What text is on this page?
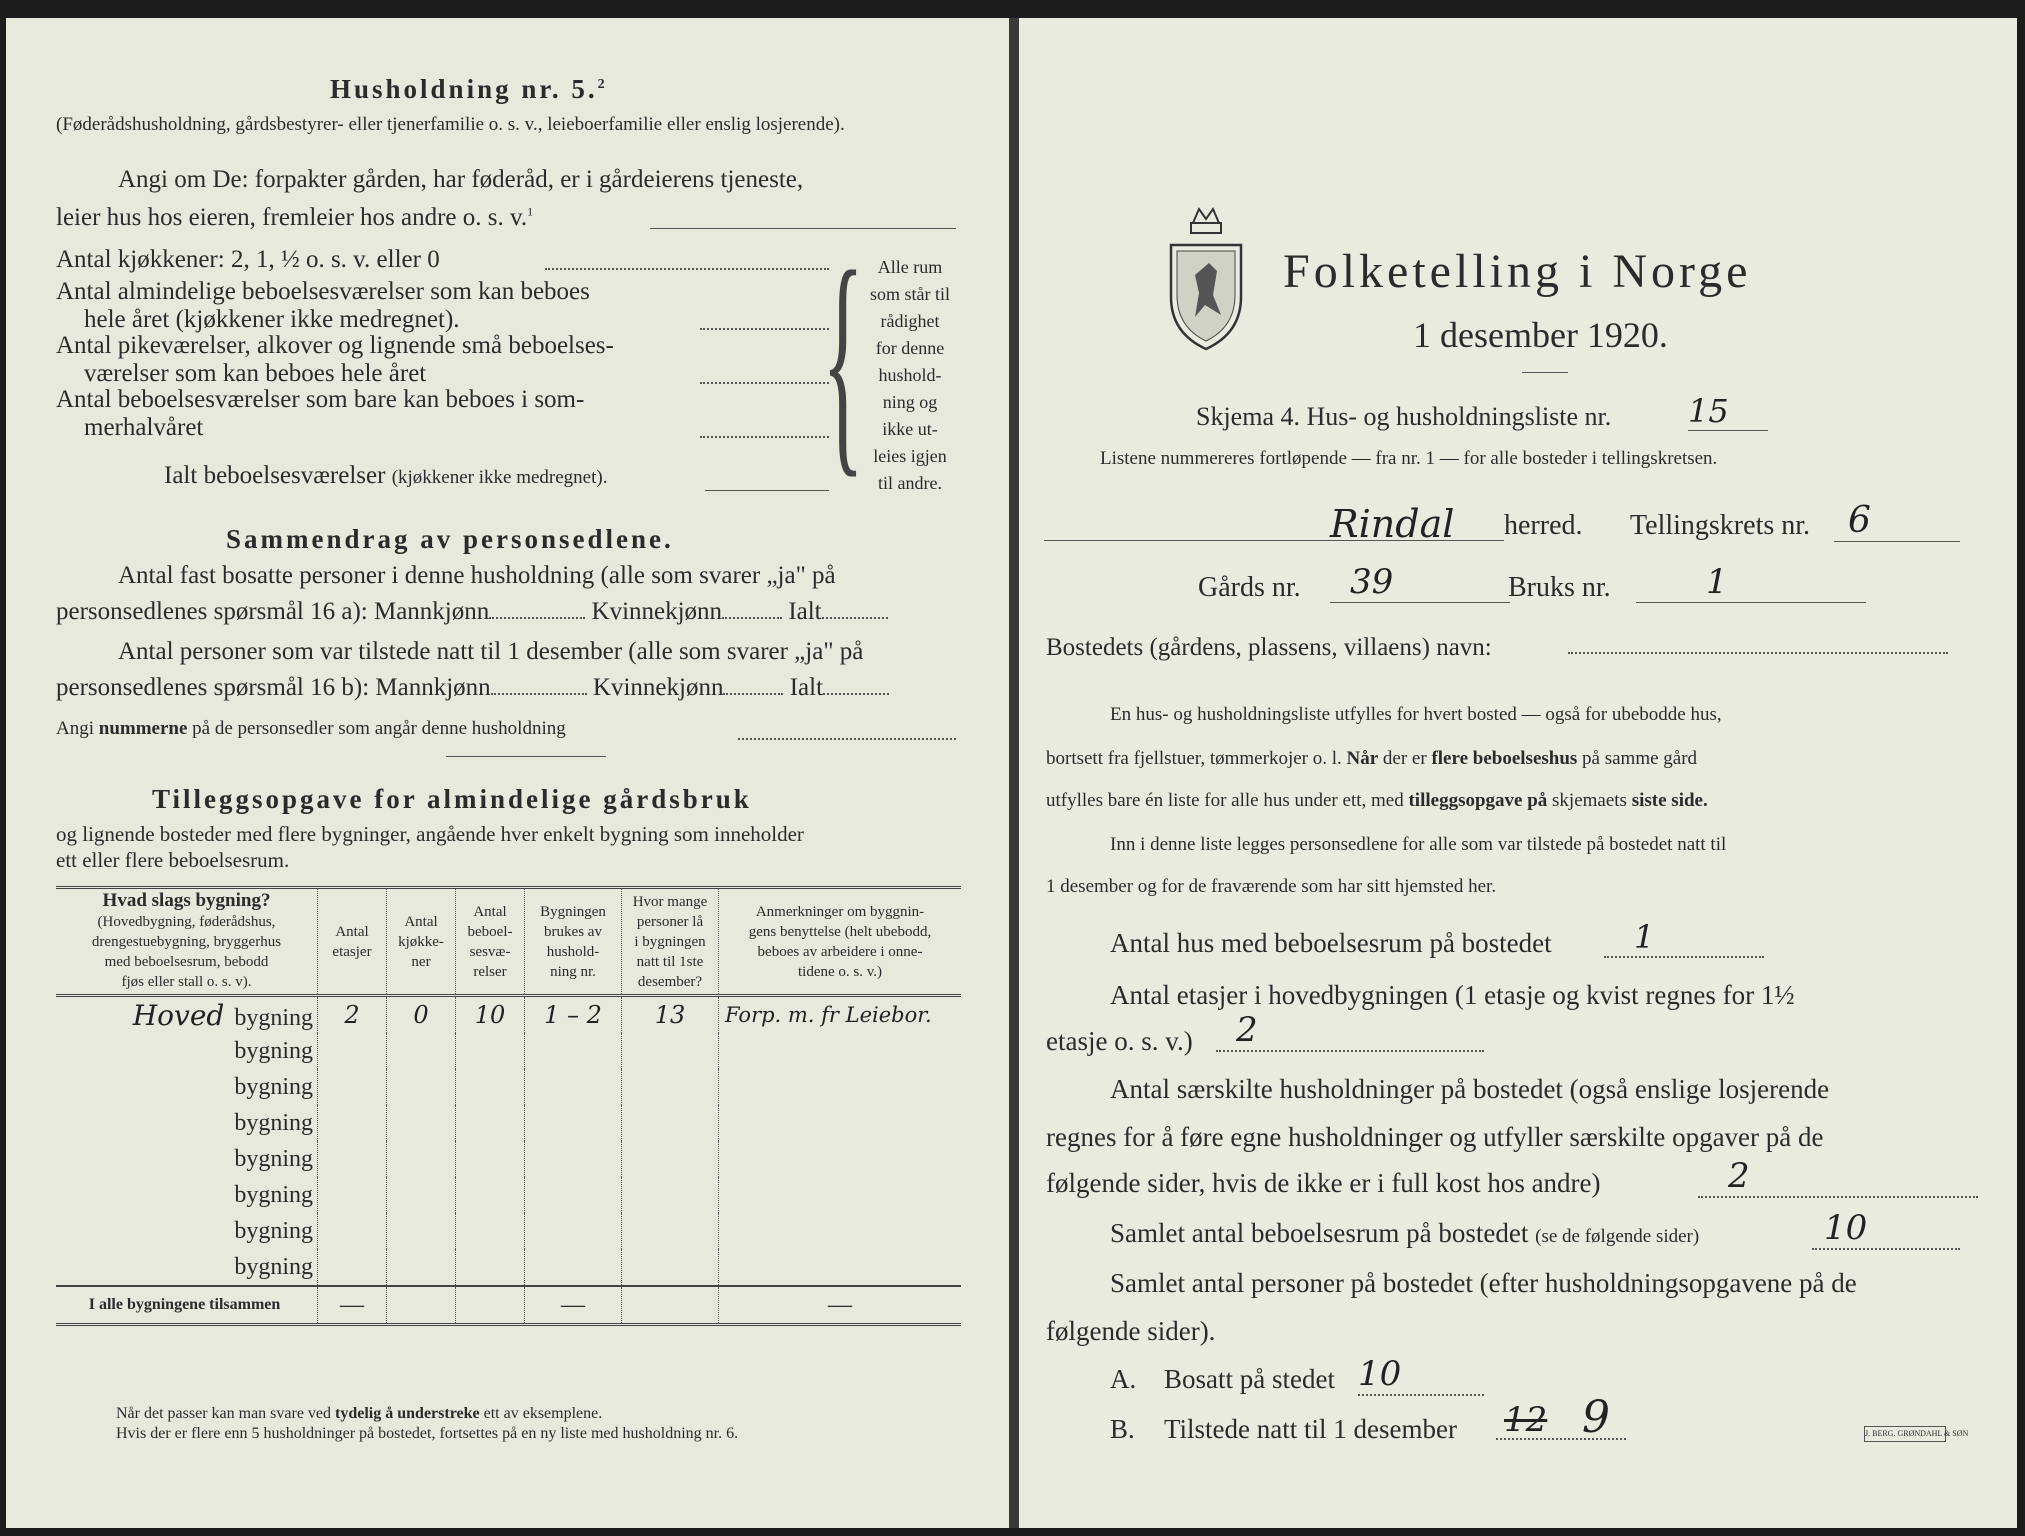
Husholdning nr. 5.$^2$
(Føderådshusholdning, gårdsbestyrer- eller tjenerfamilie o. s. v., leieboerfamilie eller enslig losjerende).
Angi om De: forpakter gården, har føderåd, er i gårdeierens tjeneste,
leier hus hos eieren, fremleier hos andre o. s. v.$^1$
Antal kjøkkener: 2, 1, ½ o. s. v. eller 0
Antal almindelige beboelsesværelser som kan beboes
hele året (kjøkkener ikke medregnet).
Antal pikeværelser, alkover og lignende små beboelses-
værelser som kan beboes hele året
Antal beboelsesværelser som bare kan beboes i som-
merhalvåret
Ialt beboelsesværelser (kjøkkener ikke medregnet). { Alle rum
som står til
rådighet
for denne
hushold-
ning og
ikke ut-
leies igjen
til andre.
Sammendrag av personsedlene.
Antal fast bosatte personer i denne husholdning (alle som svarer „ja" på
personsedlenes spørsmål 16 a): Mannkjønn	Kvinnekjønn	Ialt
Antal personer som var tilstede natt til 1 desember (alle som svarer „ja" på
personsedlenes spørsmål 16 b): Mannkjønn	Kvinnekjønn	Ialt
Angi nummerne på de personsedler som angår denne husholdning
Tilleggsopgave for almindelige gårdsbruk
og lignende bosteder med flere bygninger, angående hver enkelt bygning som inneholder
ett eller flere beboelsesrum.
Hvad slags bygning?
(Hovedbygning, føderådshus,
drengestuebygning, bryggerhus
med beboelsesrum, bebodd
fjøs eller stall o. s. v).	Antal
etasjer	Antal
kjøkke-
ner	Antal
beboel-
sesvæ-
relser	Bygningen
brukes av
hushold-
ning nr.	Hvor mange
personer lå
i bygningen
natt til 1ste
desember?	Anmerkninger om byggnin-
gens benyttelse (helt ubebodd,
beboes av arbeidere i onne-
tidene o. s. v.)
Hoved bygning	2	0	10	1 – 2	13	Forp. m. fr Leiebor.
bygning						
bygning						
bygning						
bygning						
bygning						
bygning						
bygning						
I alle bygningene tilsammen	—			—		—
Når det passer kan man svare ved tydelig å understreke ett av eksemplene.
Hvis der er flere enn 5 husholdninger på bostedet, fortsettes på en ny liste med husholdning nr. 6.
Folketelling i Norge
1 desember 1920.
Skjema 4. Hus- og husholdningsliste nr. 15
Listene nummereres fortløpende — fra nr. 1 — for alle bosteder i tellingskretsen.
Rindal herred. Tellingskrets nr.	6
Gårds nr.	39	Bruks nr.	1
Bostedets (gårdens, plassens, villaens) navn:
En hus- og husholdningsliste utfylles for hvert bosted — også for ubebodde hus,
bortsett fra fjellstuer, tømmerkojer o. l. Når der er flere beboelseshus på samme gård
utfylles bare én liste for alle hus under ett, med tilleggsopgave på skjemaets siste side.
Inn i denne liste legges personsedlene for alle som var tilstede på bostedet natt til
1 desember og for de fraværende som har sitt hjemsted her.
Antal hus med beboelsesrum på bostedet	1
Antal etasjer i hovedbygningen (1 etasje og kvist regnes for 1½
etasje o. s. v.)	2
Antal særskilte husholdninger på bostedet (også enslige losjerende
regnes for å føre egne husholdninger og utfyller særskilte opgaver på de
følgende sider, hvis de ikke er i full kost hos andre)	2
Samlet antal beboelsesrum på bostedet (se de følgende sider)	10
Samlet antal personer på bostedet (efter husholdningsopgavene på de
følgende sider).
A. Bosatt på stedet 10
B. Tilstede natt til 1 desember 12 9	J. BERG. GRØNDAHL & SØN
